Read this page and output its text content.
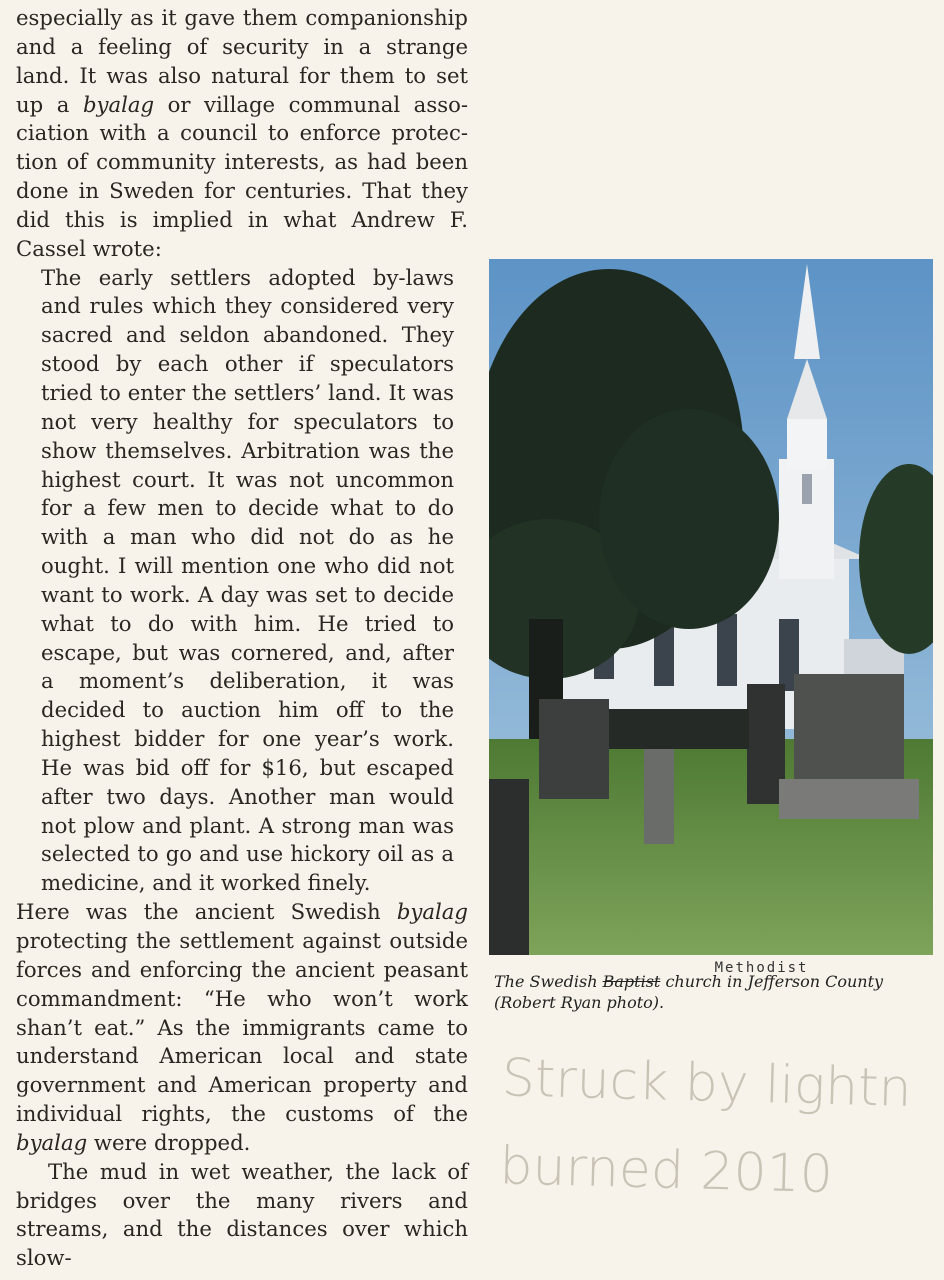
especially as it gave them companionship and a feeling of security in a strange land. It was also natural for them to set up a byalag or village communal association with a council to enforce protection of community interests, as had been done in Sweden for centuries. That they did this is implied in what Andrew F. Cassel wrote:

The early settlers adopted by-laws and rules which they considered very sacred and seldon abandoned. They stood by each other if speculators tried to enter the settlers’ land. It was not very healthy for speculators to show themselves. Arbitration was the highest court. It was not uncommon for a few men to decide what to do with a man who did not do as he ought. I will mention one who did not want to work. A day was set to decide what to do with him. He tried to escape, but was cornered, and, after a moment’s deliberation, it was decided to auction him off to the highest bidder for one year’s work. He was bid off for $16, but escaped after two days. Another man would not plow and plant. A strong man was selected to go and use hickory oil as a medicine, and it worked finely.

Here was the ancient Swedish byalag protecting the settlement against outside forces and enforcing the ancient peasant commandment: “He who won’t work shan’t eat.” As the immigrants came to understand American local and state government and American property and individual rights, the customs of the byalag were dropped.

The mud in wet weather, the lack of bridges over the many rivers and streams, and the distances over which slow-

The Swedish Baptist
Methodist
church in Jefferson County (Robert Ryan photo).
Struck by lightn
burned 2010
